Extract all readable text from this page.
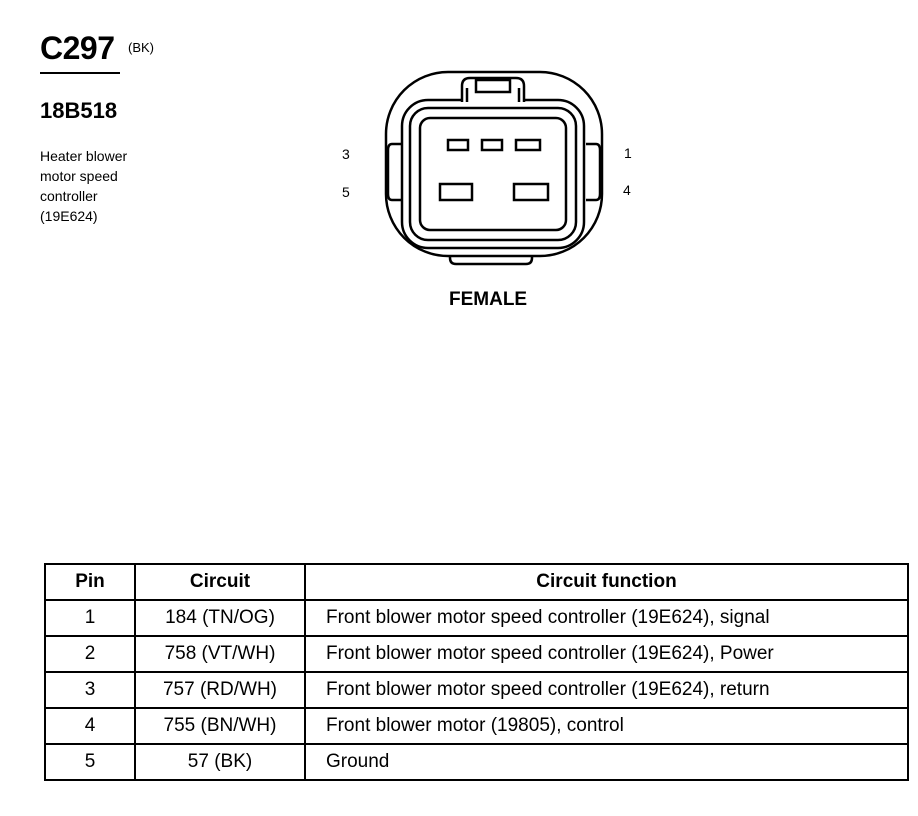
C297 (BK)
18B518
Heater blower
motor speed
controller
(19E624)
3
5
1
4
FEMALE
Pin	Circuit	Circuit function
1	184 (TN/OG)	Front blower motor speed controller (19E624), signal
2	758 (VT/WH)	Front blower motor speed controller (19E624), Power
3	757 (RD/WH)	Front blower motor speed controller (19E624), return
4	755 (BN/WH)	Front blower motor (19805), control
5	57 (BK)	Ground
